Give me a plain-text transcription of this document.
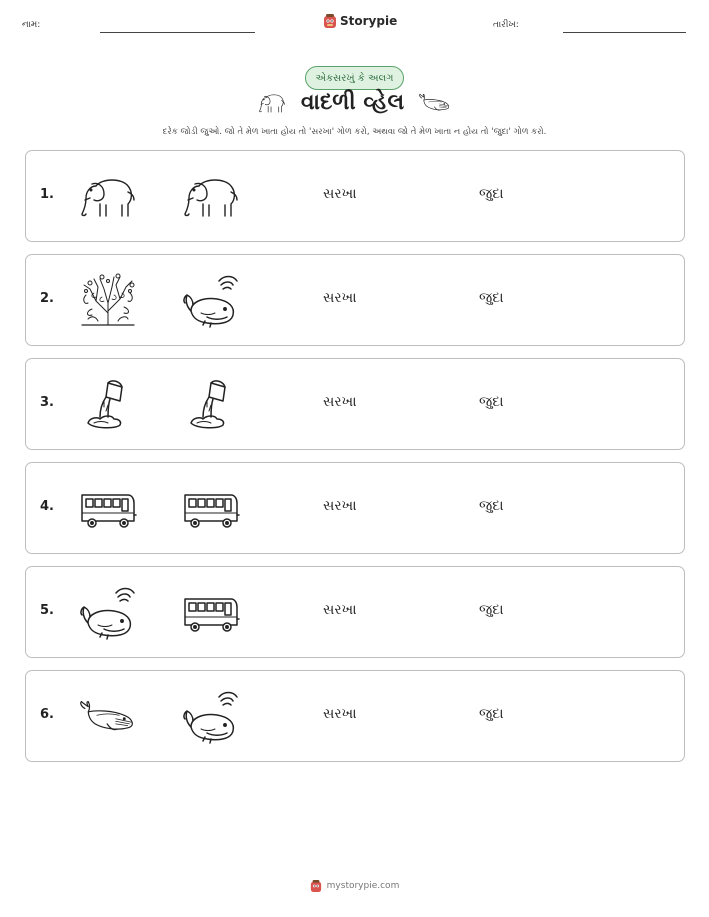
નામ:	Storypie	તારીખ:
એકસરખું કે અલગ
વાદળી વ્હેલ
દરેક જોડી જુઓ. જો તે મેળ ખાતા હોય તો 'સરખા' ગોળ કરો, અથવા જો તે મેળ ખાતા ન હોય તો 'જુદા' ગોળ કરો.
1.	સરખા	જુદા
2.	સરખા	જુદા
3.	સરખા	જુદા
4.	સરખા	જુદા
5.	સરખા	જુદા
6.	સરખા	જુદા
mystorypie.com
